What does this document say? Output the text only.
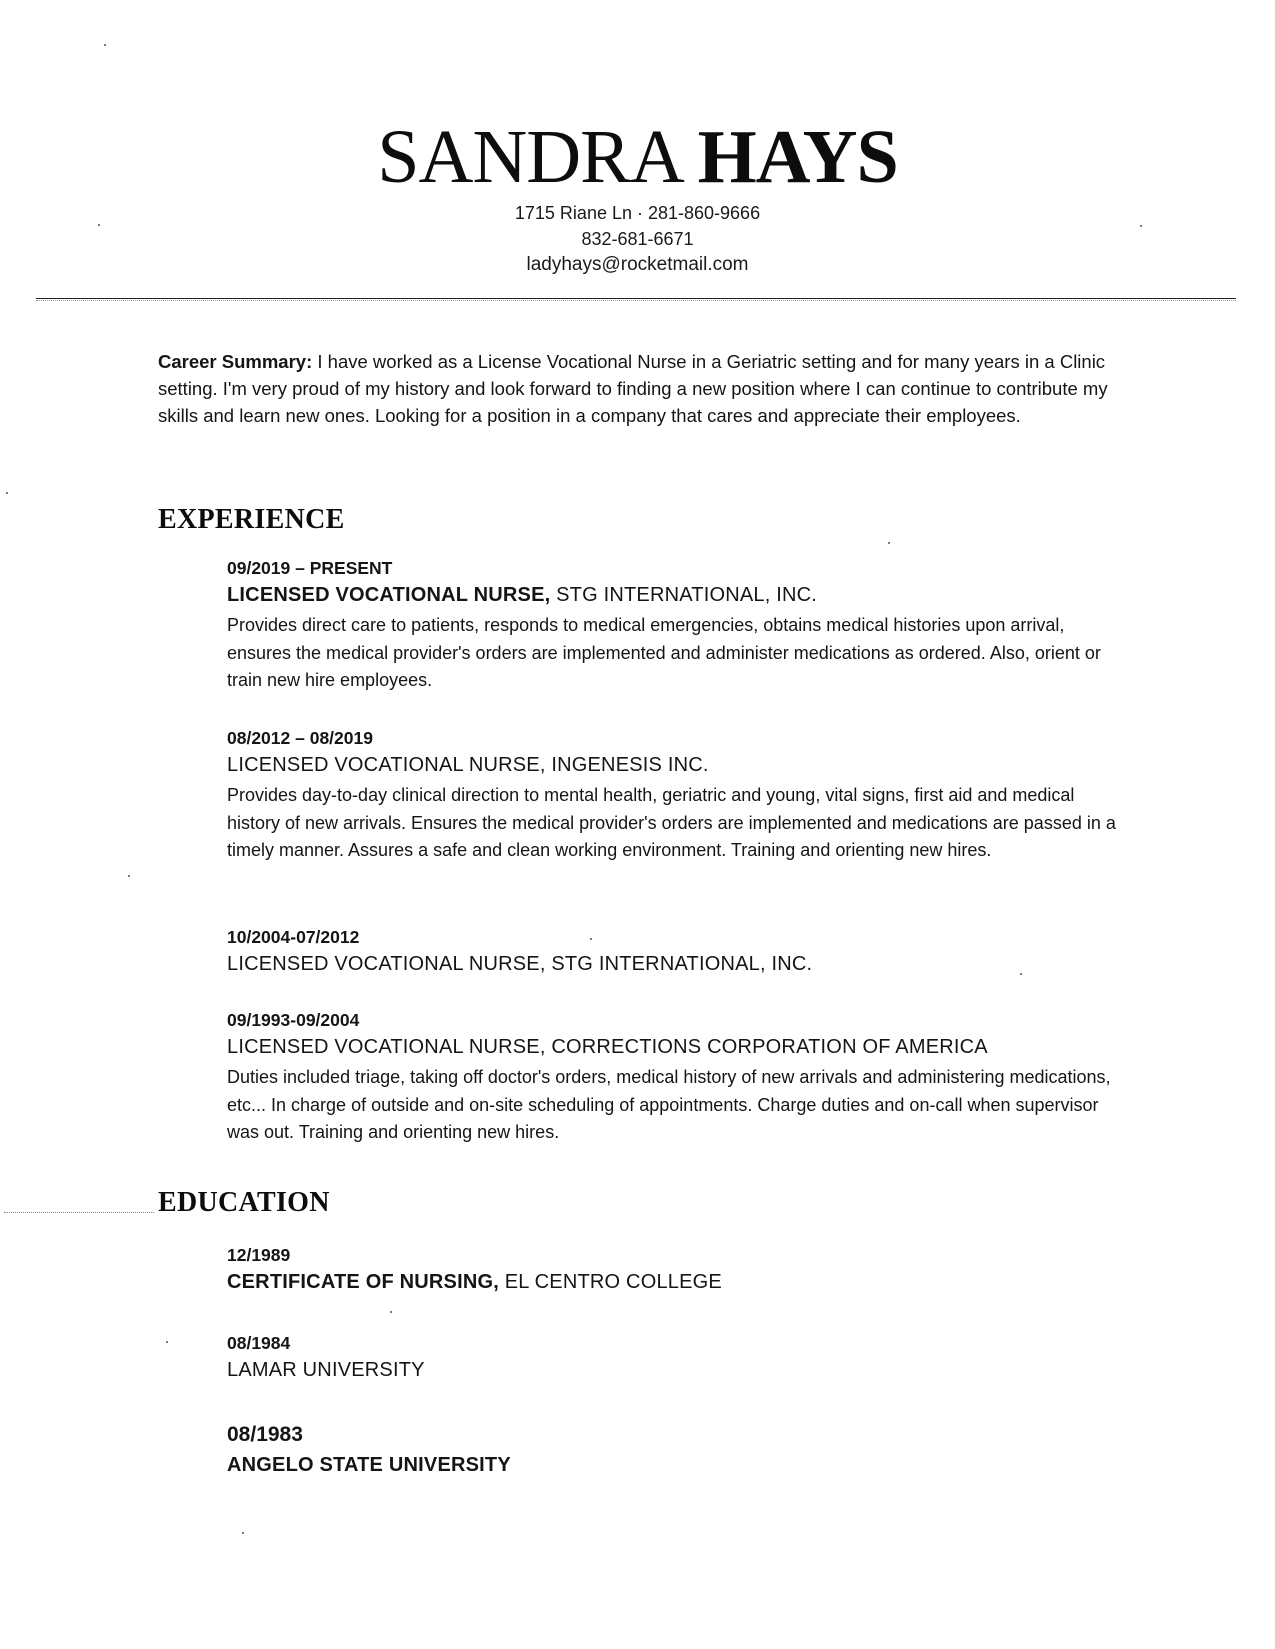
SANDRA HAYS
1715 Riane Ln · 281-860-9666
832-681-6671
ladyhays@rocketmail.com
Career Summary: I have worked as a License Vocational Nurse in a Geriatric setting and for many years in a Clinic setting. I'm very proud of my history and look forward to finding a new position where I can continue to contribute my skills and learn new ones. Looking for a position in a company that cares and appreciate their employees.
EXPERIENCE
09/2019 – PRESENT
LICENSED VOCATIONAL NURSE, STG INTERNATIONAL, INC.
Provides direct care to patients, responds to medical emergencies, obtains medical histories upon arrival, ensures the medical provider's orders are implemented and administer medications as ordered. Also, orient or train new hire employees.
08/2012 – 08/2019
LICENSED VOCATIONAL NURSE, INGENESIS INC.
Provides day-to-day clinical direction to mental health, geriatric and young, vital signs, first aid and medical history of new arrivals. Ensures the medical provider's orders are implemented and medications are passed in a timely manner. Assures a safe and clean working environment. Training and orienting new hires.
10/2004-07/2012
LICENSED VOCATIONAL NURSE, STG INTERNATIONAL, INC.
09/1993-09/2004
LICENSED VOCATIONAL NURSE, CORRECTIONS CORPORATION OF AMERICA
Duties included triage, taking off doctor's orders, medical history of new arrivals and administering medications, etc... In charge of outside and on-site scheduling of appointments. Charge duties and on-call when supervisor was out. Training and orienting new hires.
EDUCATION
12/1989
CERTIFICATE OF NURSING, EL CENTRO COLLEGE
08/1984
LAMAR UNIVERSITY
08/1983
ANGELO STATE UNIVERSITY
